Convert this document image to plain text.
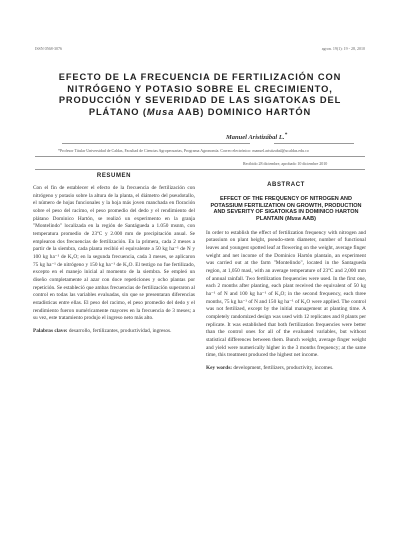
ISSN 0568-3076	agron. 19(1): 19 - 28, 2010
EFECTO DE LA FRECUENCIA DE FERTILIZACIÓN CON
NITRÓGENO Y POTASIO SOBRE EL CRECIMIENTO,
PRODUCCIÓN Y SEVERIDAD DE LAS SIGATOKAS DEL
PLÁTANO (Musa AAB) DOMINICO HARTÓN
Manuel Aristizábal L.*
*Profesor Titular Universidad de Caldas, Facultad de Ciencias Agropecuarias, Programa Agronomía. Correo electrónico: manuel.aristizabal@ucaldas.edu.co
Recibido 28 diciembre, aprobado 10 diciembre 2010
RESUMEN

Con el fin de establecer el efecto de la frecuencia de fertilización con nitrógeno y potasio sobre la altura de la planta, el diámetro del pseudotallo, el número de hojas funcionales y la hoja más joven manchada en floración sobre el peso del racimo, el peso promedio del dedo y el rendimiento del plátano Dominico Hartón, se realizó un experimento en la granja "Montelindo" localizada en la región de Santágueda a 1.050 msnm, con temperatura promedio de 23ºC y 2.000 mm de precipitación anual. Se emplearon dos frecuencias de fertilización. En la primera, cada 2 meses a partir de la siembra, cada planta recibió el equivalente a 50 kg ha⁻¹ de N y 100 kg ha⁻¹ de K₂O; en la segunda frecuencia, cada 3 meses, se aplicaron 75 kg ha⁻¹ de nitrógeno y 150 kg ha⁻¹ de K₂O. El testigo no fue fertilizado, excepto en el manejo inicial al momento de la siembra. Se empleó un diseño completamente al azar con doce repeticiones y ocho plantas por repetición. Se estableció que ambas frecuencias de fertilización superaron al control en todas las variables evaluadas, sin que se presentaran diferencias estadísticas entre ellas. El peso del racimo, el peso promedio del dedo y el rendimiento fueron numéricamente mayores en la frecuencia de 3 meses; a su vez, este tratamiento produjo el ingreso neto más alto.

Palabras clave: desarrollo, fertilizantes, productividad, ingresos.

ABSTRACT
EFFECT OF THE FREQUENCY OF NITROGEN AND POTASSIUM FERTILIZATION ON GROWTH, PRODUCTION AND SEVERITY OF SIGATOKAS IN DOMINICO HARTON PLANTAIN (Musa AAB)

In order to establish the effect of fertilization frequency with nitrogen and potassium on plant height, pseudo-stem diameter, number of functional leaves and youngest spotted leaf at flowering on the weight, average finger weight and net income of the Dominico Hartón plantain, an experiment was carried out at the farm "Montelindo", located in the Santagueda region, at 1,050 masl, with an average temperature of 23ºC and 2,000 mm of annual rainfall. Two fertilization frequencies were used. In the first one, each 2 months after planting, each plant received the equivalent of 50 kg ha⁻¹ of N and 100 kg ha⁻¹ of K₂O; in the second frequency, each three months, 75 kg ha⁻¹ of N and 150 kg ha⁻¹ of K₂O were applied. The control was not fertilized, except by the initial management at planting time. A completely randomized design was used with 12 replicates and 8 plants per replicate. It was established that both fertilization frequencies were better than the control ones for all of the evaluated variables, but without statistical differences between them. Bunch weight, average finger weight and yield were numerically higher in the 3 months frequency; at the same time, this treatment produced the highest net income.

Key words: development, fertilizers, productivity, incomes.
